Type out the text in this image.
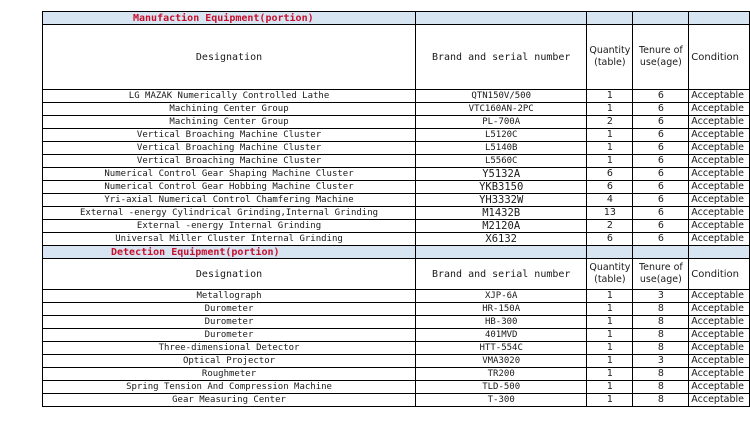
Manufaction Equipment(portion)				
Designation	Brand and serial number	Quantity (table)	Tenure of use(age)	Condition
LG MAZAK Numerically Controlled Lathe	QTN150V/500	1	6	Acceptable
Machining Center Group	VTC160AN-2PC	1	6	Acceptable
Machining Center Group	PL-700A	2	6	Acceptable
Vertical Broaching Machine Cluster	L5120C	1	6	Acceptable
Vertical Broaching Machine Cluster	L5140B	1	6	Acceptable
Vertical Broaching Machine Cluster	L5560C	1	6	Acceptable
Numerical Control Gear Shaping Machine Cluster	Y5132A	6	6	Acceptable
Numerical Control Gear Hobbing Machine Cluster	YKB3150	6	6	Acceptable
Yri-axial Numerical Control Chamfering Machine	YH3332W	4	6	Acceptable
External -energy Cylindrical Grinding,Internal Grinding	M1432B	13	6	Acceptable
External -energy Internal Grinding	M2120A	2	6	Acceptable
Universal Miller Cluster Internal Grinding	X6132	6	6	Acceptable
Detection Equipment(portion)				
Designation	Brand and serial number	Quantity (table)	Tenure of use(age)	Condition
Metallograph	XJP-6A	1	3	Acceptable
Durometer	HR-150A	1	8	Acceptable
Durometer	HB-300	1	8	Acceptable
Durometer	401MVD	1	8	Acceptable
Three-dimensional Detector	HTT-554C	1	8	Acceptable
Optical Projector	VMA3020	1	3	Acceptable
Roughmeter	TR200	1	8	Acceptable
Spring Tension And Compression Machine	TLD-500	1	8	Acceptable
Gear Measuring Center	T-300	1	8	Acceptable
